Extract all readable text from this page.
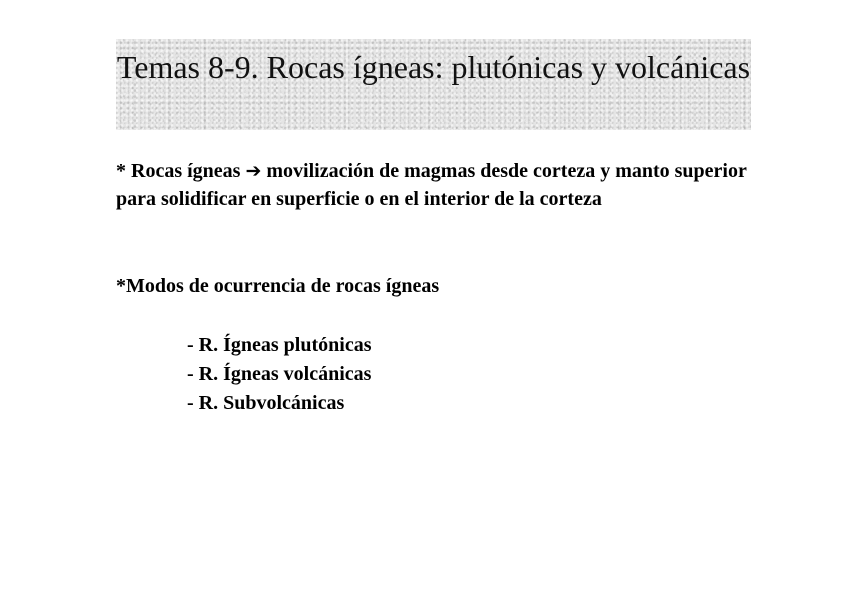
Temas 8-9. Rocas ígneas: plutónicas y volcánicas

* Rocas ígneas ➔ movilización de magmas desde corteza y manto superior para solidificar en superficie o en el interior de la corteza

*Modos de ocurrencia de rocas ígneas

- R. Ígneas plutónicas
- R. Ígneas volcánicas
- R. Subvolcánicas
